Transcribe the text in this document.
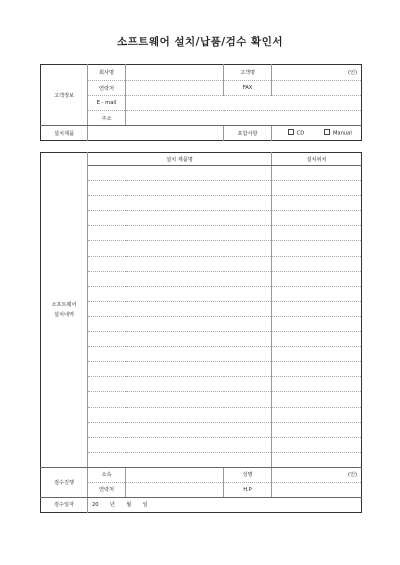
소프트웨어 설치/납품/검수 확인서
고객정보	회사명		고객명	(인)
	연락처		FAX	
	E - mail			
	주소			
설치제품			포함사항	CD Manual
소프트웨어
설치내역	설치 제품명			설치위치

검수진행	소속		성명	(인)
	연락처		H.P	
검수일자	20 년 월 일			
